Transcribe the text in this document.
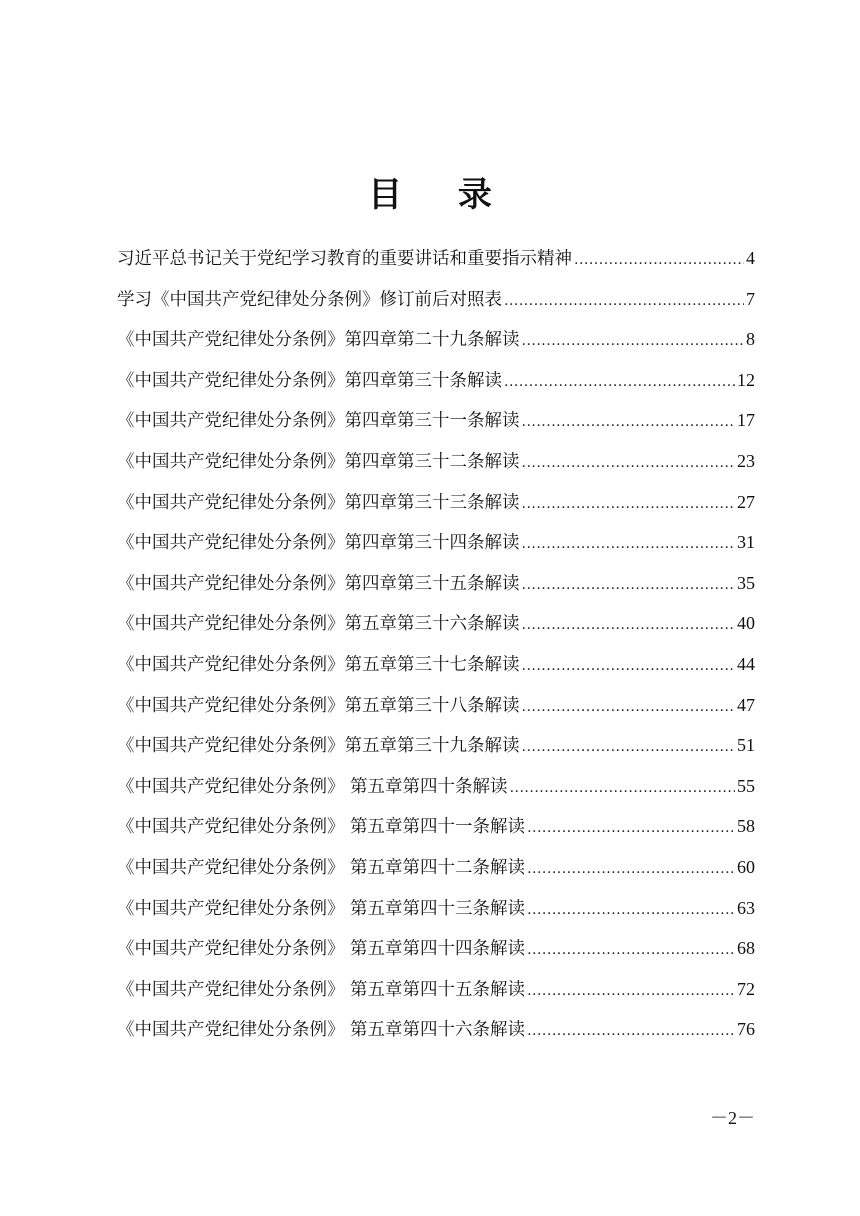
目 录
习近平总书记关于党纪学习教育的重要讲话和重要指示精神 .....	4
学习《中国共产党纪律处分条例》修订前后对照表 .....	7
《中国共产党纪律处分条例》第四章第二十九条解读 .....	8
《中国共产党纪律处分条例》第四章第三十条解读 .....	12
《中国共产党纪律处分条例》第四章第三十一条解读 .....	17
《中国共产党纪律处分条例》第四章第三十二条解读 .....	23
《中国共产党纪律处分条例》第四章第三十三条解读 .....	27
《中国共产党纪律处分条例》第四章第三十四条解读 .....	31
《中国共产党纪律处分条例》第四章第三十五条解读 .....	35
《中国共产党纪律处分条例》第五章第三十六条解读 .....	40
《中国共产党纪律处分条例》第五章第三十七条解读 .....	44
《中国共产党纪律处分条例》第五章第三十八条解读 .....	47
《中国共产党纪律处分条例》第五章第三十九条解读 .....	51
《中国共产党纪律处分条例》 第五章第四十条解读 .....	55
《中国共产党纪律处分条例》 第五章第四十一条解读 .....	58
《中国共产党纪律处分条例》 第五章第四十二条解读 .....	60
《中国共产党纪律处分条例》 第五章第四十三条解读 .....	63
《中国共产党纪律处分条例》 第五章第四十四条解读 .....	68
《中国共产党纪律处分条例》 第五章第四十五条解读 .....	72
《中国共产党纪律处分条例》 第五章第四十六条解读 .....	76
－2－
